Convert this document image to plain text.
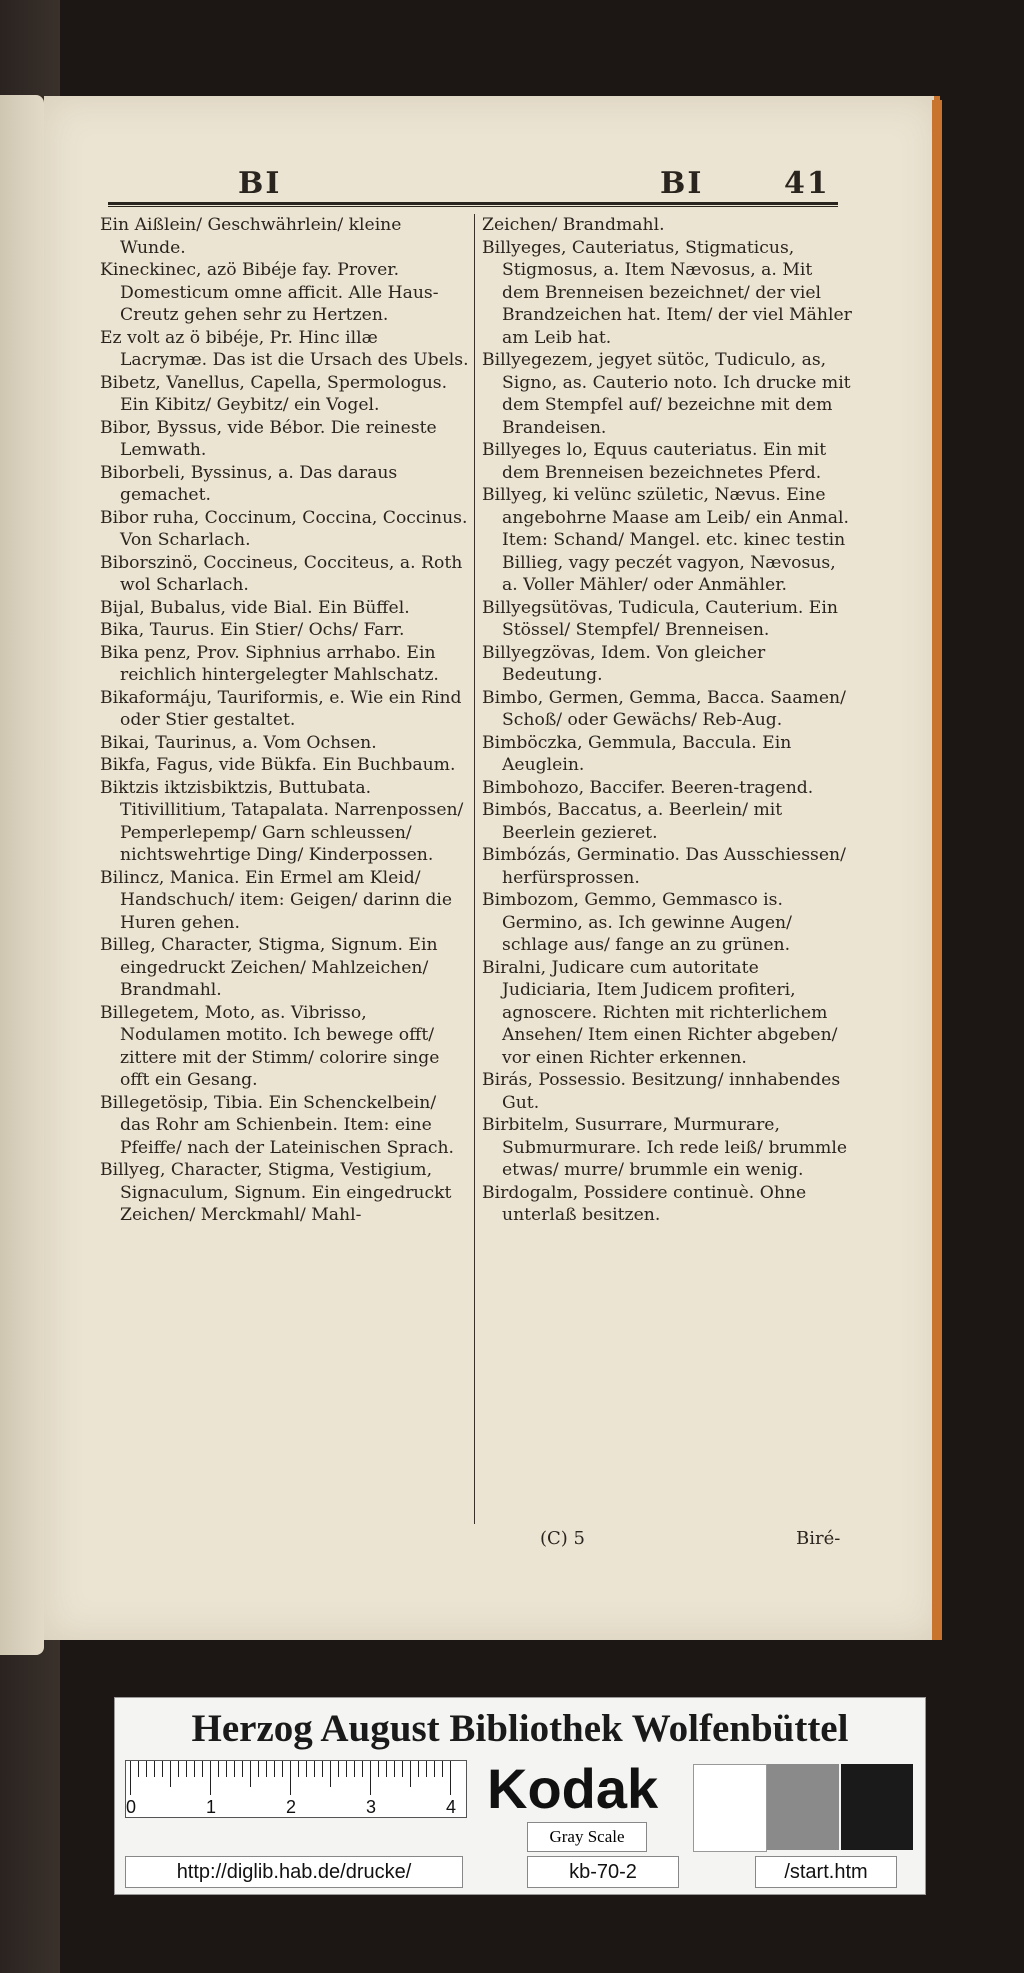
BI	BI	41

Ein Aißlein/ Geschwährlein/ kleine Wunde.

Kineckinec, azö Bibéje fay. Prover. Domesticum omne afficit. Alle Haus-Creutz gehen sehr zu Hertzen.

Ez volt az ö bibéje, Pr. Hinc illæ Lacrymæ. Das ist die Ursach des Ubels.

Bibetz, Vanellus, Capella, Spermologus. Ein Kibitz/ Geybitz/ ein Vogel.

Bibor, Byssus, vide Bébor. Die reineste Lemwath.

Biborbeli, Byssinus, a. Das daraus gemachet.

Bibor ruha, Coccinum, Coccina, Coccinus. Von Scharlach.

Biborszinö, Coccineus, Cocciteus, a. Roth wol Scharlach.

Bijal, Bubalus, vide Bial. Ein Büffel.

Bika, Taurus. Ein Stier/ Ochs/ Farr.

Bika penz, Prov. Siphnius arrhabo. Ein reichlich hintergelegter Mahlschatz.

Bikaformáju, Tauriformis, e. Wie ein Rind oder Stier gestaltet.

Bikai, Taurinus, a. Vom Ochsen.

Bikfa, Fagus, vide Bükfa. Ein Buchbaum.

Biktzis iktzisbiktzis, Buttubata. Titivillitium, Tatapalata. Narrenpossen/ Pemperlepemp/ Garn schleussen/ nichtswehrtige Ding/ Kinderpossen.

Bilincz, Manica. Ein Ermel am Kleid/ Handschuch/ item: Geigen/ darinn die Huren gehen.

Billeg, Character, Stigma, Signum. Ein eingedruckt Zeichen/ Mahlzeichen/ Brandmahl.

Billegetem, Moto, as. Vibrisso, Nodulamen motito. Ich bewege offt/ zittere mit der Stimm/ colorire singe offt ein Gesang.

Billegetösip, Tibia. Ein Schenckelbein/ das Rohr am Schienbein. Item: eine Pfeiffe/ nach der Lateinischen Sprach.

Billyeg, Character, Stigma, Vestigium, Signaculum, Signum. Ein eingedruckt Zeichen/ Merckmahl/ Mahl-

Zeichen/ Brandmahl.

Billyeges, Cauteriatus, Stigmaticus, Stigmosus, a. Item Nævosus, a. Mit dem Brenneisen bezeichnet/ der viel Brandzeichen hat. Item/ der viel Mähler am Leib hat.

Billyegezem, jegyet sütöc, Tudiculo, as, Signo, as. Cauterio noto. Ich drucke mit dem Stempfel auf/ bezeichne mit dem Brandeisen.

Billyeges lo, Equus cauteriatus. Ein mit dem Brenneisen bezeichnetes Pferd.

Billyeg, ki velünc születic, Nævus. Eine angebohrne Maase am Leib/ ein Anmal. Item: Schand/ Mangel. etc. kinec testin Billieg, vagy peczét vagyon, Nævosus, a. Voller Mähler/ oder Anmähler.

Billyegsütövas, Tudicula, Cauterium. Ein Stössel/ Stempfel/ Brenneisen.

Billyegzövas, Idem. Von gleicher Bedeutung.

Bimbo, Germen, Gemma, Bacca. Saamen/ Schoß/ oder Gewächs/ Reb-Aug.

Bimböczka, Gemmula, Baccula. Ein Aeuglein.

Bimbohozo, Baccifer. Beeren-tragend.

Bimbós, Baccatus, a. Beerlein/ mit Beerlein gezieret.

Bimbózás, Germinatio. Das Ausschiessen/ herfürsprossen.

Bimbozom, Gemmo, Gemmasco is. Germino, as. Ich gewinne Augen/ schlage aus/ fange an zu grünen.

Biralni, Judicare cum autoritate Judiciaria, Item Judicem profiteri, agnoscere. Richten mit richterlichem Ansehen/ Item einen Richter abgeben/ vor einen Richter erkennen.

Birás, Possessio. Besitzung/ innhabendes Gut.

Birbitelm, Susurrare, Murmurare, Submurmurare. Ich rede leiß/ brummle etwas/ murre/ brummle ein wenig.

Birdogalm, Possidere continuè. Ohne unterlaß besitzen.

(C) 5	Biré-
Herzog August Bibliothek Wolfenbüttel
0	1	2	3	4 Kodak
Gray Scale
http://diglib.hab.de/drucke/	kb-70-2	/start.htm
